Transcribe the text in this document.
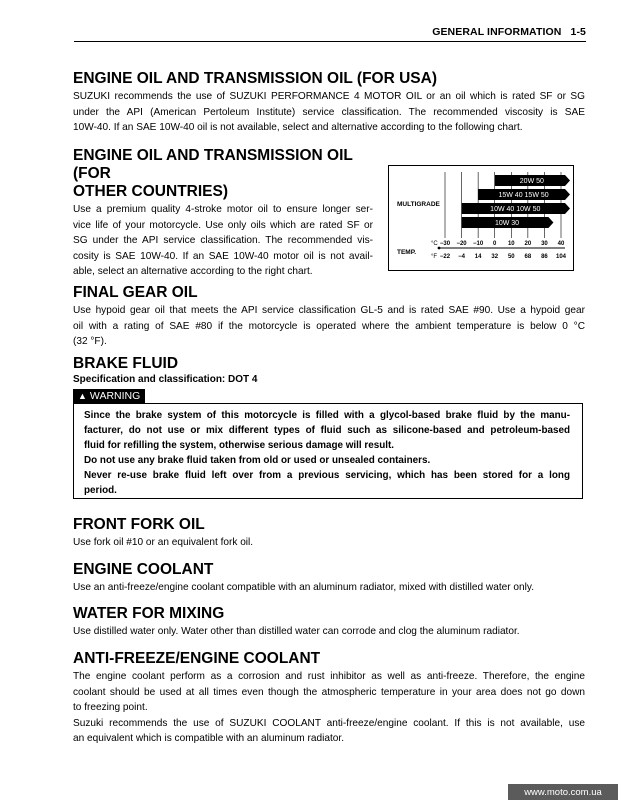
GENERAL INFORMATION 1-5
ENGINE OIL AND TRANSMISSION OIL (FOR USA)
SUZUKI recommends the use of SUZUKI PERFORMANCE 4 MOTOR OIL or an oil which is rated SF or SG
under the API (American Pertoleum Institute) service classification. The recommended viscosity is SAE
10W-40. If an SAE 10W-40 oil is not available, select and alternative according to the following chart.
ENGINE OIL AND TRANSMISSION OIL (FOR
OTHER COUNTRIES)
Use a premium quality 4-stroke motor oil to ensure longer ser-
vice life of your motorcycle. Use only oils which are rated SF or
SG under the API service classification. The recommended vis-
cosity is SAE 10W-40. If an SAE 10W-40 motor oil is not avail-
able, select an alternative according to the right chart.
MULTIGRADE
20W 50
15W 40 15W 50
10W 40 10W 50
10W 30
TEMP.
°C
°F
−30
−22
−20
−4
−10
14
0
32
10
50
20
68
30
86
40
104
FINAL GEAR OIL
Use hypoid gear oil that meets the API service classification GL-5 and is rated SAE #90. Use a hypoid gear
oil with a rating of SAE #80 if the motorcycle is operated where the ambient temperature is below 0 °C
(32 °F).
BRAKE FLUID
Specification and classification: DOT 4
▲ WARNING
Since the brake system of this motorcycle is filled with a glycol-based brake fluid by the manu-
facturer, do not use or mix different types of fluid such as silicone-based and petroleum-based
fluid for refilling the system, otherwise serious damage will result.
Do not use any brake fluid taken from old or used or unsealed containers.
Never re-use brake fluid left over from a previous servicing, which has been stored for a long
period.
FRONT FORK OIL
Use fork oil #10 or an equivalent fork oil.
ENGINE COOLANT
Use an anti-freeze/engine coolant compatible with an aluminum radiator, mixed with distilled water only.
WATER FOR MIXING
Use distilled water only. Water other than distilled water can corrode and clog the aluminum radiator.
ANTI-FREEZE/ENGINE COOLANT
The engine coolant perform as a corrosion and rust inhibitor as well as anti-freeze. Therefore, the engine
coolant should be used at all times even though the atmospheric temperature in your area does not go down
to freezing point.
Suzuki recommends the use of SUZUKI COOLANT anti-freeze/engine coolant. If this is not available, use
an equivalent which is compatible with an aluminum radiator.
www.moto.com.ua
